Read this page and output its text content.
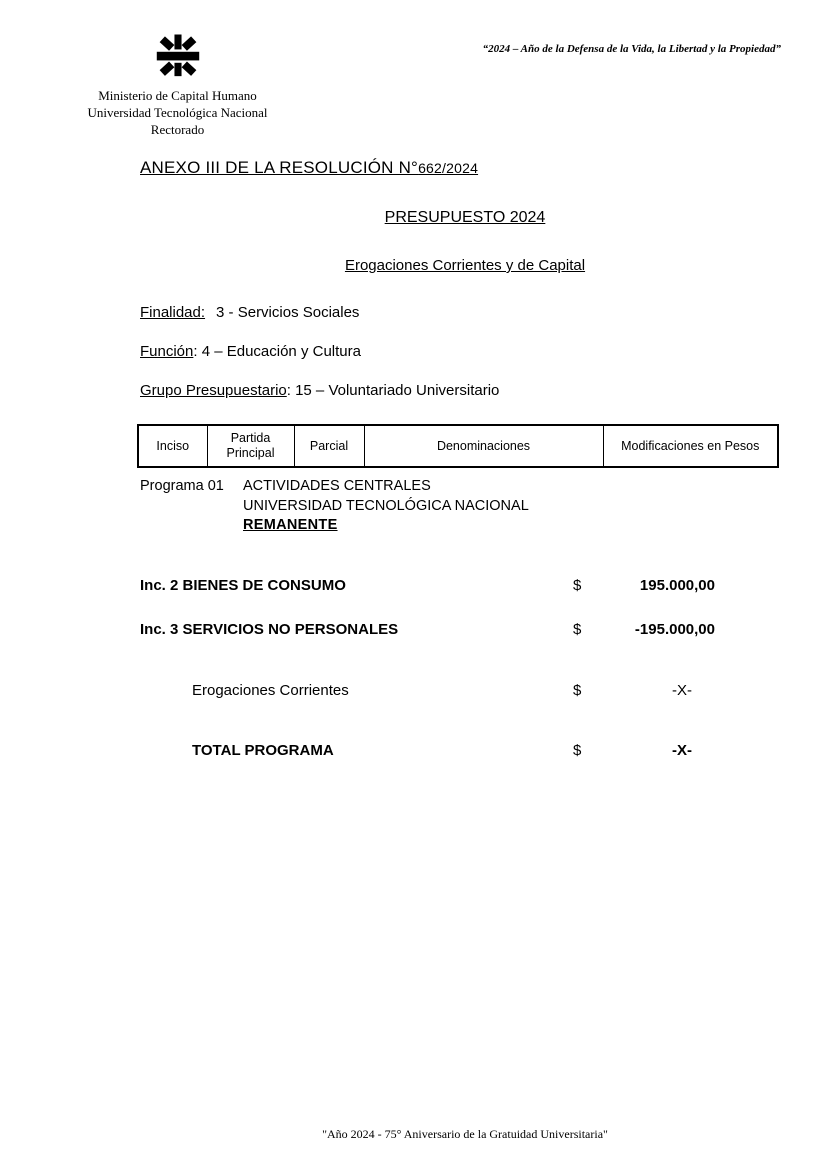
“2024 – Año de la Defensa de la Vida, la Libertad y la Propiedad”
Ministerio de Capital Humano
Universidad Tecnológica Nacional
Rectorado
ANEXO III DE LA RESOLUCIÓN N°662/2024
PRESUPUESTO 2024
Erogaciones Corrientes y de Capital
Finalidad: 3 - Servicios Sociales
Función: 4 – Educación y Cultura
Grupo Presupuestario: 15 – Voluntariado Universitario
Inciso	Partida Principal	Parcial	Denominaciones	Modificaciones en Pesos
Programa 01 ACTIVIDADES CENTRALES
UNIVERSIDAD TECNOLÓGICA NACIONAL
REMANENTE
Inc. 2 BIENES DE CONSUMO	$	195.000,00
Inc. 3 SERVICIOS NO PERSONALES	$	-195.000,00
Erogaciones Corrientes	$	-X-
TOTAL PROGRAMA	$	-X-
"Año 2024 - 75° Aniversario de la Gratuidad Universitaria"
